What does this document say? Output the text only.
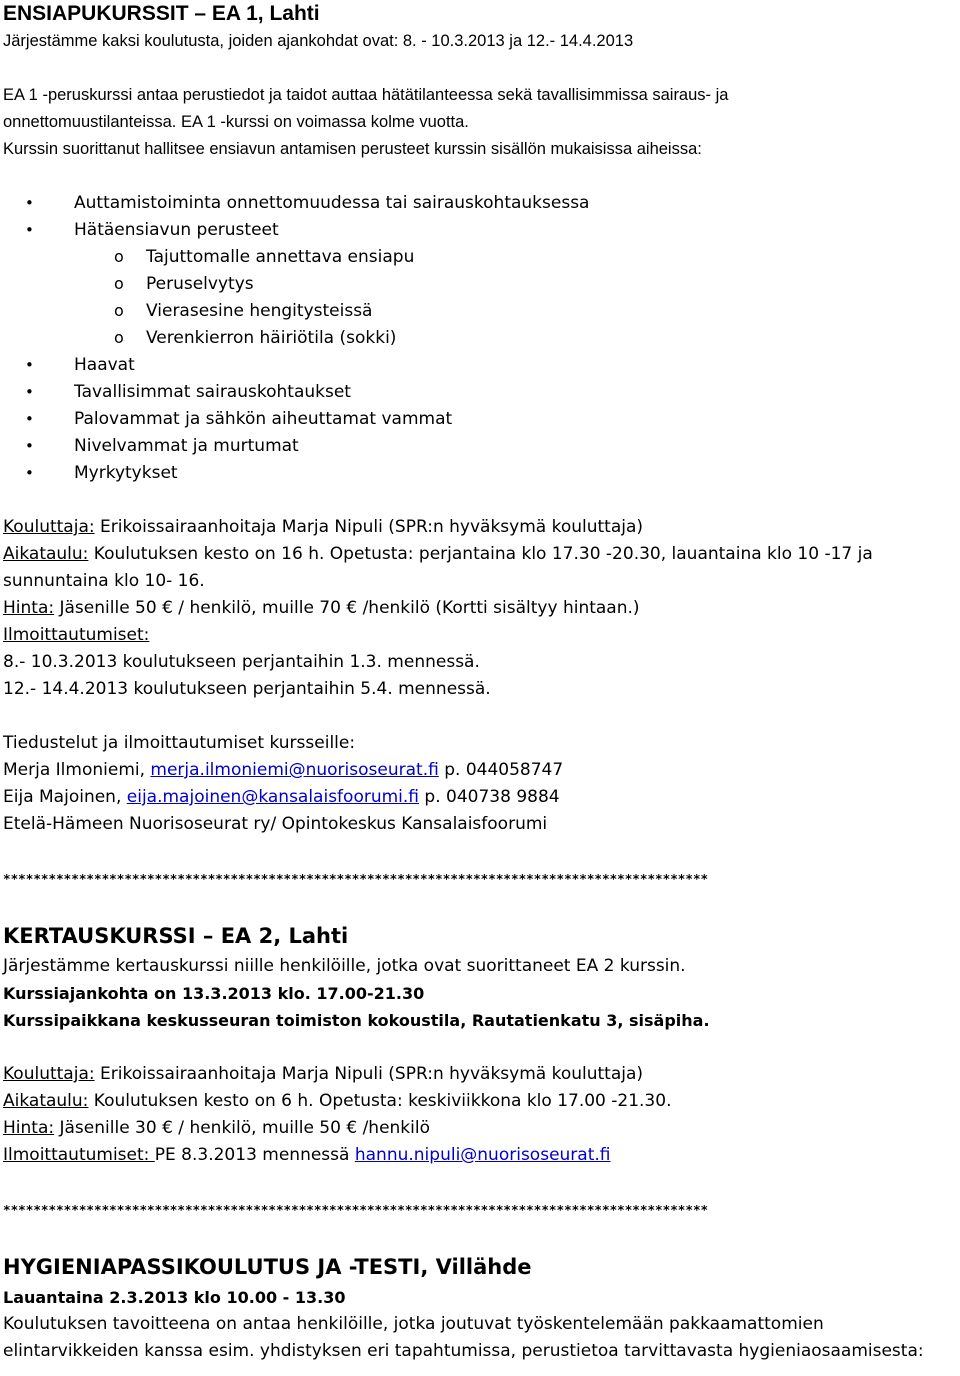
ENSIAPUKURSSIT – EA 1, Lahti
Järjestämme kaksi koulutusta, joiden ajankohdat ovat: 8. - 10.3.2013 ja 12.- 14.4.2013
EA 1 -peruskurssi antaa perustiedot ja taidot auttaa hätätilanteessa sekä tavallisimmissa sairaus- ja
onnettomuustilanteissa. EA 1 -kurssi on voimassa kolme vuotta.
Kurssin suorittanut hallitsee ensiavun antamisen perusteet kurssin sisällön mukaisissa aiheissa:
• Auttamistoiminta onnettomuudessa tai sairauskohtauksessa
• Hätäensiavun perusteet
o Tajuttomalle annettava ensiapu
o Peruselvytys
o Vierasesine hengitysteissä
o Verenkierron häiriötila (sokki)
• Haavat
• Tavallisimmat sairauskohtaukset
• Palovammat ja sähkön aiheuttamat vammat
• Nivelvammat ja murtumat
• Myrkytykset
Kouluttaja: Erikoissairaanhoitaja Marja Nipuli (SPR:n hyväksymä kouluttaja)
Aikataulu: Koulutuksen kesto on 16 h. Opetusta: perjantaina klo 17.30 -20.30, lauantaina klo 10 -17 ja
sunnuntaina klo 10- 16.
Hinta: Jäsenille 50 € / henkilö, muille 70 € /henkilö (Kortti sisältyy hintaan.)
Ilmoittautumiset:
8.- 10.3.2013 koulutukseen perjantaihin 1.3. mennessä.
12.- 14.4.2013 koulutukseen perjantaihin 5.4. mennessä.
Tiedustelut ja ilmoittautumiset kursseille:
Merja Ilmoniemi, merja.ilmoniemi@nuorisoseurat.fi p. 044058747
Eija Majoinen, eija.majoinen@kansalaisfoorumi.fi p. 040738 9884
Etelä-Hämeen Nuorisoseurat ry/ Opintokeskus Kansalaisfoorumi
*********************************************************************************************
KERTAUSKURSSI – EA 2, Lahti
Järjestämme kertauskurssi niille henkilöille, jotka ovat suorittaneet EA 2 kurssin.
Kurssiajankohta on 13.3.2013 klo. 17.00-21.30
Kurssipaikkana keskusseuran toimiston kokoustila, Rautatienkatu 3, sisäpiha.
Kouluttaja: Erikoissairaanhoitaja Marja Nipuli (SPR:n hyväksymä kouluttaja)
Aikataulu: Koulutuksen kesto on 6 h. Opetusta: keskiviikkona klo 17.00 -21.30.
Hinta: Jäsenille 30 € / henkilö, muille 50 € /henkilö
Ilmoittautumiset: PE 8.3.2013 mennessä hannu.nipuli@nuorisoseurat.fi
*********************************************************************************************
HYGIENIAPASSIKOULUTUS JA -TESTI, Villähde
Lauantaina 2.3.2013 klo 10.00 - 13.30
Koulutuksen tavoitteena on antaa henkilöille, jotka joutuvat työskentelemään pakkaamattomien
elintarvikkeiden kanssa esim. yhdistyksen eri tapahtumissa, perustietoa tarvittavasta hygieniaosaamisesta:
